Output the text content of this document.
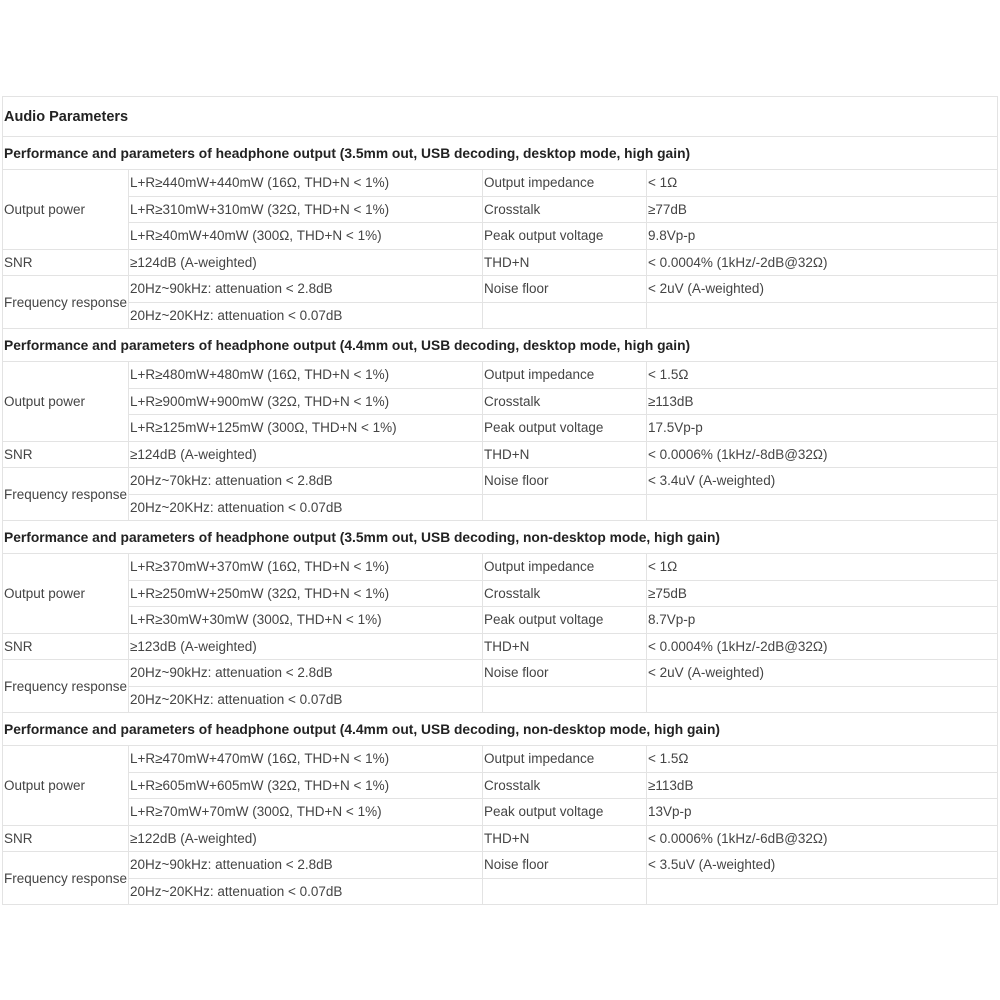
Audio Parameters			
Performance and parameters of headphone output (3.5mm out, USB decoding, desktop mode, high gain)			
Output power	L+R≥440mW+440mW (16Ω, THD+N < 1%)	Output impedance	< 1Ω
	L+R≥310mW+310mW (32Ω, THD+N < 1%)	Crosstalk	≥77dB
	L+R≥40mW+40mW (300Ω, THD+N < 1%)	Peak output voltage	9.8Vp-p
SNR	≥124dB (A-weighted)	THD+N	< 0.0004% (1kHz/-2dB@32Ω)
Frequency response	20Hz~90kHz: attenuation < 2.8dB	Noise floor	< 2uV (A-weighted)
	20Hz~20KHz: attenuation < 0.07dB		
Performance and parameters of headphone output (4.4mm out, USB decoding, desktop mode, high gain)			
Output power	L+R≥480mW+480mW (16Ω, THD+N < 1%)	Output impedance	< 1.5Ω
	L+R≥900mW+900mW (32Ω, THD+N < 1%)	Crosstalk	≥113dB
	L+R≥125mW+125mW (300Ω, THD+N < 1%)	Peak output voltage	17.5Vp-p
SNR	≥124dB (A-weighted)	THD+N	< 0.0006% (1kHz/-8dB@32Ω)
Frequency response	20Hz~70kHz: attenuation < 2.8dB	Noise floor	< 3.4uV (A-weighted)
	20Hz~20KHz: attenuation < 0.07dB		
Performance and parameters of headphone output (3.5mm out, USB decoding, non-desktop mode, high gain)			
Output power	L+R≥370mW+370mW (16Ω, THD+N < 1%)	Output impedance	< 1Ω
	L+R≥250mW+250mW (32Ω, THD+N < 1%)	Crosstalk	≥75dB
	L+R≥30mW+30mW (300Ω, THD+N < 1%)	Peak output voltage	8.7Vp-p
SNR	≥123dB (A-weighted)	THD+N	< 0.0004% (1kHz/-2dB@32Ω)
Frequency response	20Hz~90kHz: attenuation < 2.8dB	Noise floor	< 2uV (A-weighted)
	20Hz~20KHz: attenuation < 0.07dB		
Performance and parameters of headphone output (4.4mm out, USB decoding, non-desktop mode, high gain)			
Output power	L+R≥470mW+470mW (16Ω, THD+N < 1%)	Output impedance	< 1.5Ω
	L+R≥605mW+605mW (32Ω, THD+N < 1%)	Crosstalk	≥113dB
	L+R≥70mW+70mW (300Ω, THD+N < 1%)	Peak output voltage	13Vp-p
SNR	≥122dB (A-weighted)	THD+N	< 0.0006% (1kHz/-6dB@32Ω)
Frequency response	20Hz~90kHz: attenuation < 2.8dB	Noise floor	< 3.5uV (A-weighted)
	20Hz~20KHz: attenuation < 0.07dB		
